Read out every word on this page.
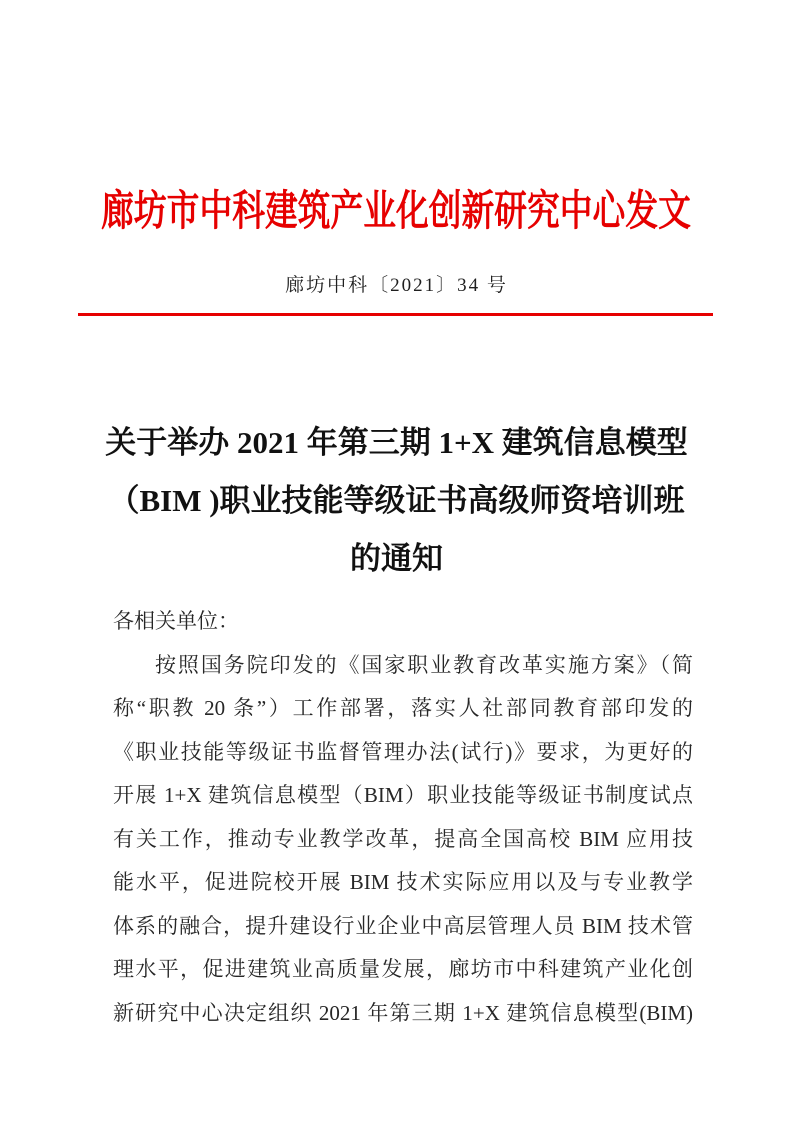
廊坊市中科建筑产业化创新研究中心发文
廊坊中科〔2021〕34 号
关于举办 2021 年第三期 1+X 建筑信息模型
（BIM )职业技能等级证书高级师资培训班
的通知
各相关单位：
按照国务院印发的《国家职业教育改革实施方案》（简
称“职教 20 条”）工作部署，落实人社部同教育部印发的
《职业技能等级证书监督管理办法(试行)》要求，为更好的
开展 1+X 建筑信息模型（BIM）职业技能等级证书制度试点
有关工作，推动专业教学改革，提高全国高校 BIM 应用技
能水平，促进院校开展 BIM 技术实际应用以及与专业教学
体系的融合，提升建设行业企业中高层管理人员 BIM 技术管
理水平，促进建筑业高质量发展，廊坊市中科建筑产业化创
新研究中心决定组织 2021 年第三期 1+X 建筑信息模型(BIM)
